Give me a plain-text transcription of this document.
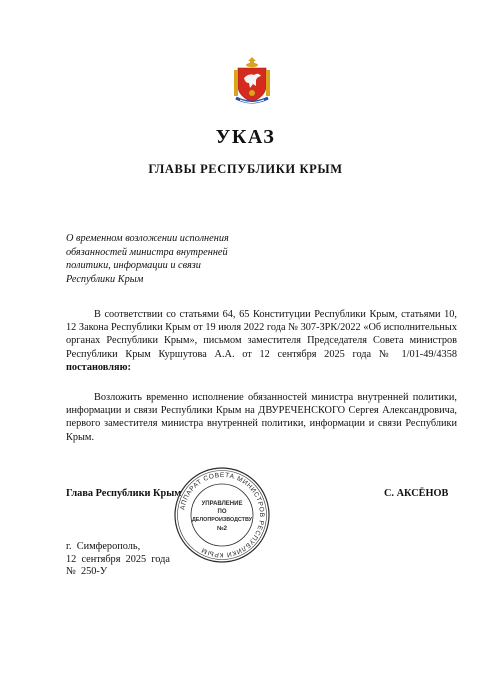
УКАЗ
ГЛАВЫ РЕСПУБЛИКИ КРЫМ
О временном возложении исполнения
обязанностей министра внутренней
политики, информации и связи
Республики Крым
В соответствии со статьями 64, 65 Конституции Республики Крым, статьями 10, 12 Закона Республики Крым от 19 июля 2022 года № 307-ЗРК/2022 «Об исполнительных органах Республики Крым», письмом заместителя Председателя Совета министров Республики Крым Куршутова А.А. от 12 сентября 2025 года № 1/01-49/4358 постановляю:
Возложить временно исполнение обязанностей министра внутренней политики, информации и связи Республики Крым на ДВУРЕЧЕНСКОГО Сергея Александровича, первого заместителя министра внутренней политики, информации и связи Республики Крым.
Глава Республики Крым	С. АКСЁНОВ
АППАРАТ СОВЕТА МИНИСТРОВ РЕСПУБЛИКИ КРЫМ
УПРАВЛЕНИЕ
ПО
ДЕЛОПРОИЗВОДСТВУ
№2
г.  Симферополь,
12  сентября  2025  года
№  250-У
